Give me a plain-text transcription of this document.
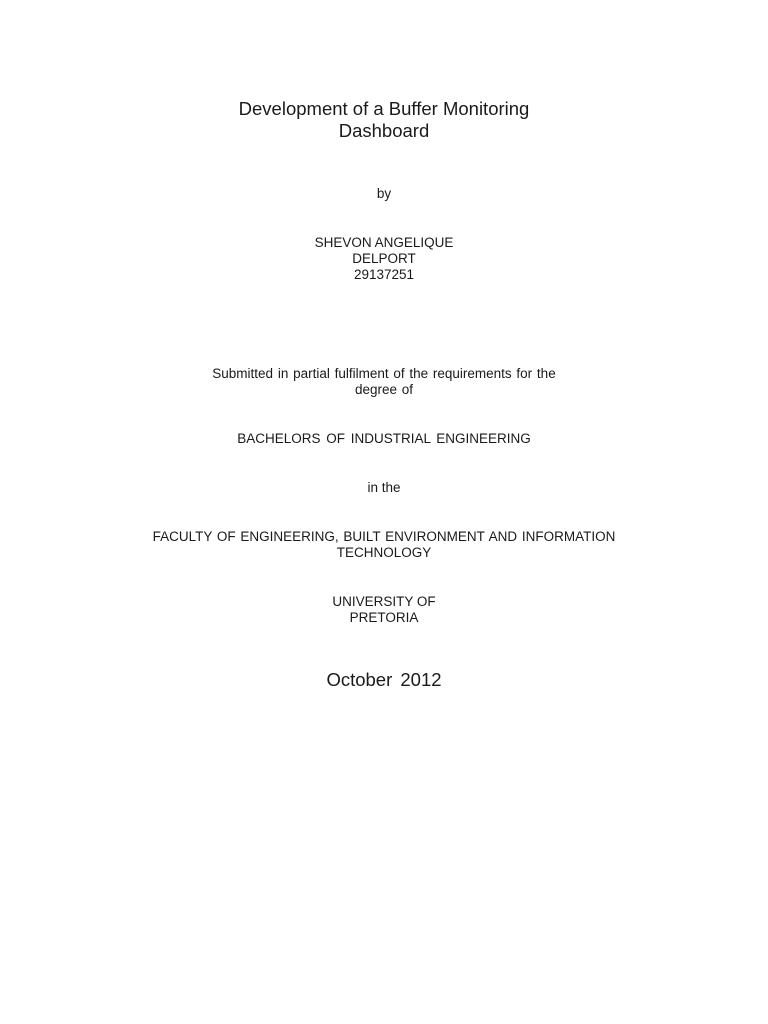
Development of a Buffer Monitoring
Dashboard
by
SHEVON ANGELIQUE
DELPORT
29137251
Submitted in partial fulfilment of the requirements for the
degree of
BACHELORS OF INDUSTRIAL ENGINEERING
in the
FACULTY OF ENGINEERING, BUILT ENVIRONMENT AND INFORMATION
TECHNOLOGY
UNIVERSITY OF
PRETORIA
October 2012
